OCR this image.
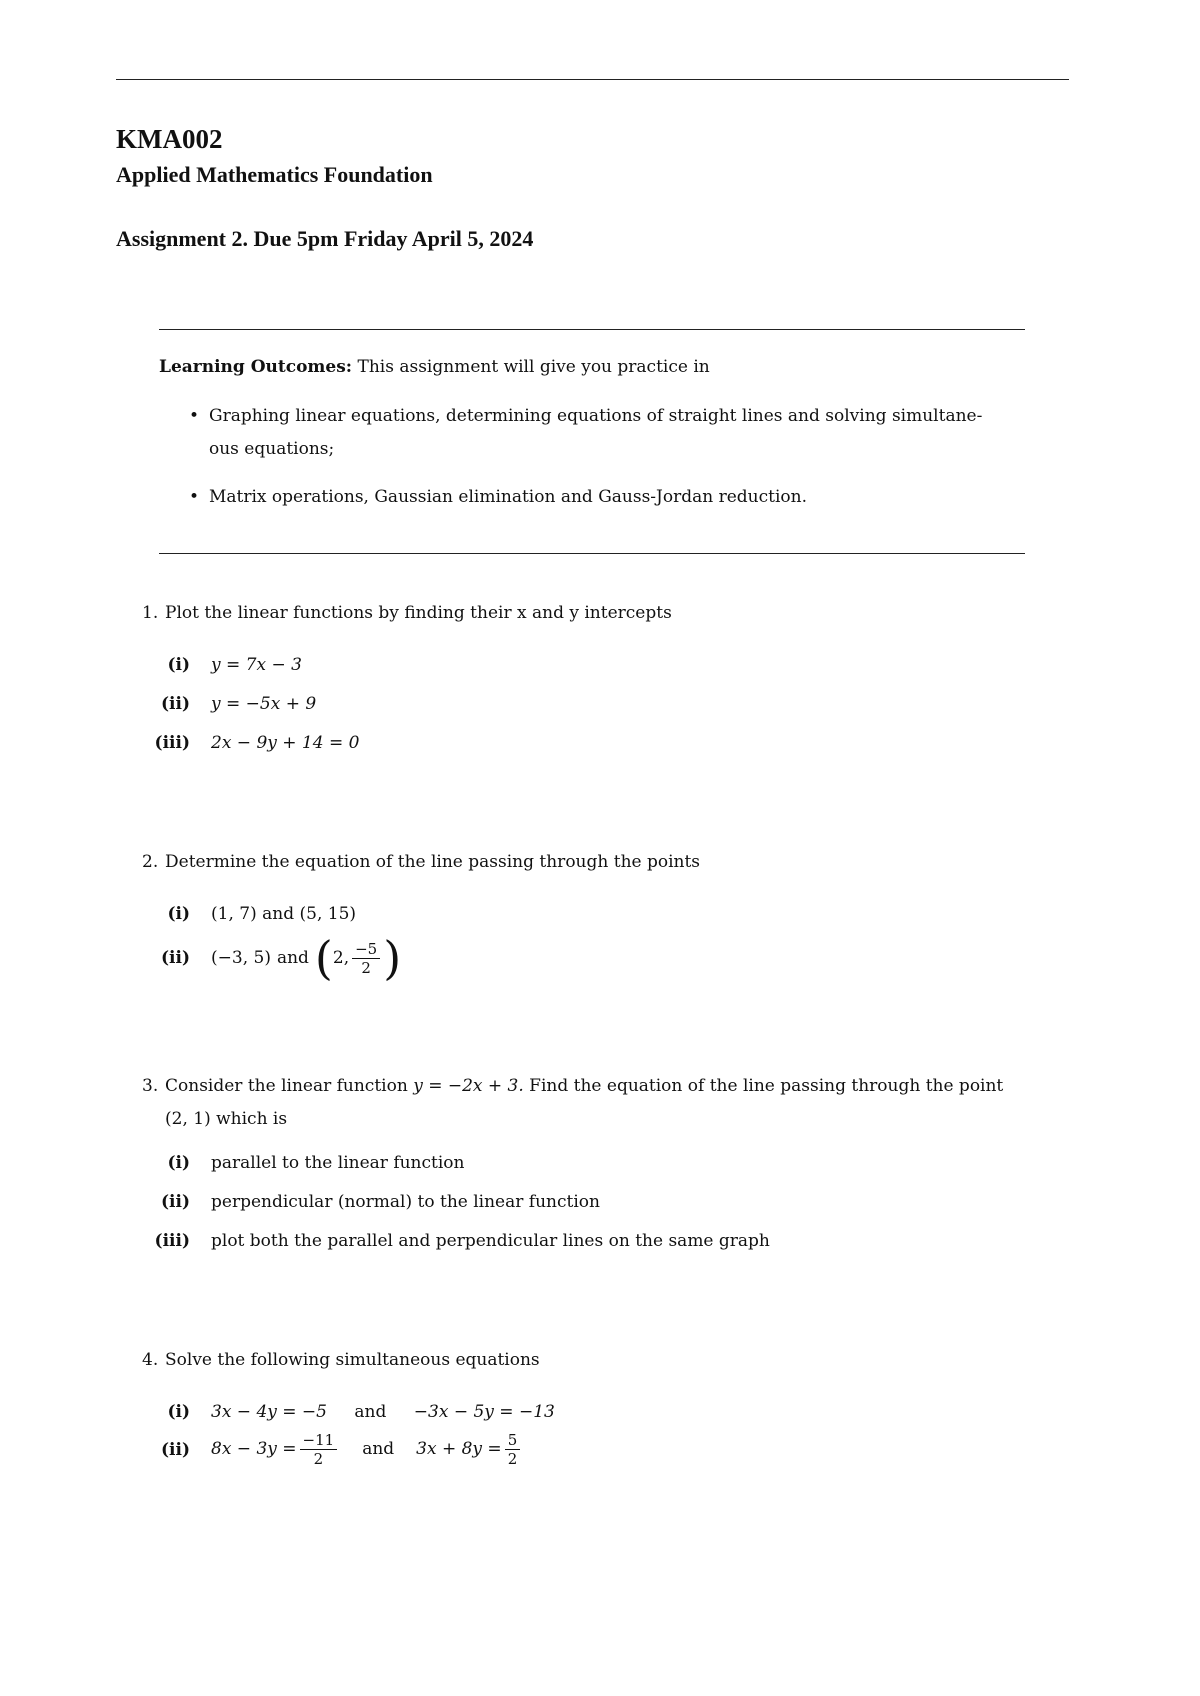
KMA002
Applied Mathematics Foundation
Assignment 2. Due 5pm Friday April 5, 2024
Learning Outcomes: This assignment will give you practice in
• Graphing linear equations, determining equations of straight lines and solving simultane-
ous equations;
• Matrix operations, Gaussian elimination and Gauss-Jordan reduction.
1. Plot the linear functions by finding their x and y intercepts
(i) y = 7x − 3
(ii) y = −5x + 9
(iii) 2x − 9y + 14 = 0
2. Determine the equation of the line passing through the points
(i) (1, 7) and (5, 15)
(ii) (−3, 5) and ( 2, $\frac{-5}{2}$ )
3. Consider the linear function y = −2x + 3. Find the equation of the line passing through the point
(2, 1) which is
(i) parallel to the linear function
(ii) perpendicular (normal) to the linear function
(iii) plot both the parallel and perpendicular lines on the same graph
4. Solve the following simultaneous equations
(i) 3x − 4y = −5 and −3x − 5y = −13
(ii) $8x - 3y = \frac{-11}{2}$ and $3x + 8y = \frac{5}{2}$
